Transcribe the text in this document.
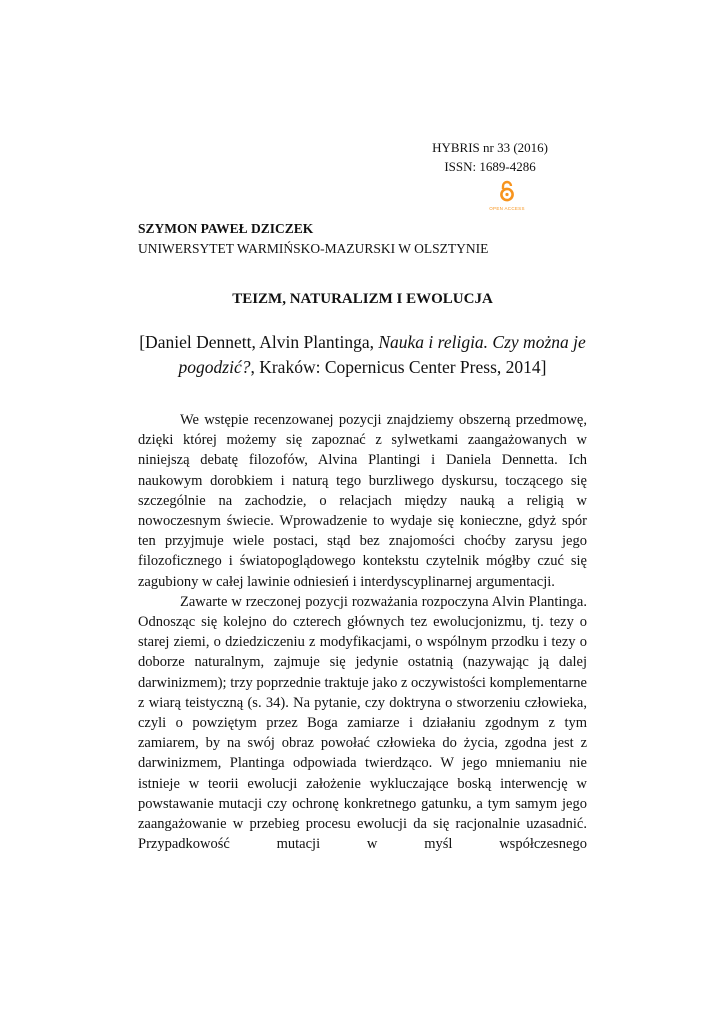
HYBRIS nr 33 (2016)
ISSN: 1689-4286
OPEN ACCESS
SZYMON PAWEŁ DZICZEK
UNIWERSYTET WARMIŃSKO-MAZURSKI W OLSZTYNIE
TEIZM, NATURALIZM I EWOLUCJA
[Daniel Dennett, Alvin Plantinga, Nauka i religia. Czy można je pogodzić?, Kraków: Copernicus Center Press, 2014]

We wstępie recenzowanej pozycji znajdziemy obszerną przedmowę, dzięki której możemy się zapoznać z sylwetkami zaangażowanych w niniejszą debatę filozofów, Alvina Plantingi i Daniela Dennetta. Ich naukowym dorobkiem i naturą tego burzliwego dyskursu, toczącego się szczególnie na zachodzie, o relacjach między nauką a religią w nowoczesnym świecie. Wprowadzenie to wydaje się konieczne, gdyż spór ten przyjmuje wiele postaci, stąd bez znajomości choćby zarysu jego filozoficznego i światopoglądowego kontekstu czytelnik mógłby czuć się zagubiony w całej lawinie odniesień i interdyscyplinarnej argumentacji.

Zawarte w rzeczonej pozycji rozważania rozpoczyna Alvin Plantinga. Odnosząc się kolejno do czterech głównych tez ewolucjonizmu, tj. tezy o starej ziemi, o dziedziczeniu z modyfikacjami, o wspólnym przodku i tezy o doborze naturalnym, zajmuje się jedynie ostatnią (nazywając ją dalej darwinizmem); trzy poprzednie traktuje jako z oczywistości komplementarne z wiarą teistyczną (s. 34). Na pytanie, czy doktryna o stworzeniu człowieka, czyli o powziętym przez Boga zamiarze i działaniu zgodnym z tym zamiarem, by na swój obraz powołać człowieka do życia, zgodna jest z darwinizmem, Plantinga odpowiada twierdząco. W jego mniemaniu nie istnieje w teorii ewolucji założenie wykluczające boską interwencję w powstawanie mutacji czy ochronę konkretnego gatunku, a tym samym jego zaangażowanie w przebieg procesu ewolucji da się racjonalnie uzasadnić. Przypadkowość mutacji w myśl współczesnego
